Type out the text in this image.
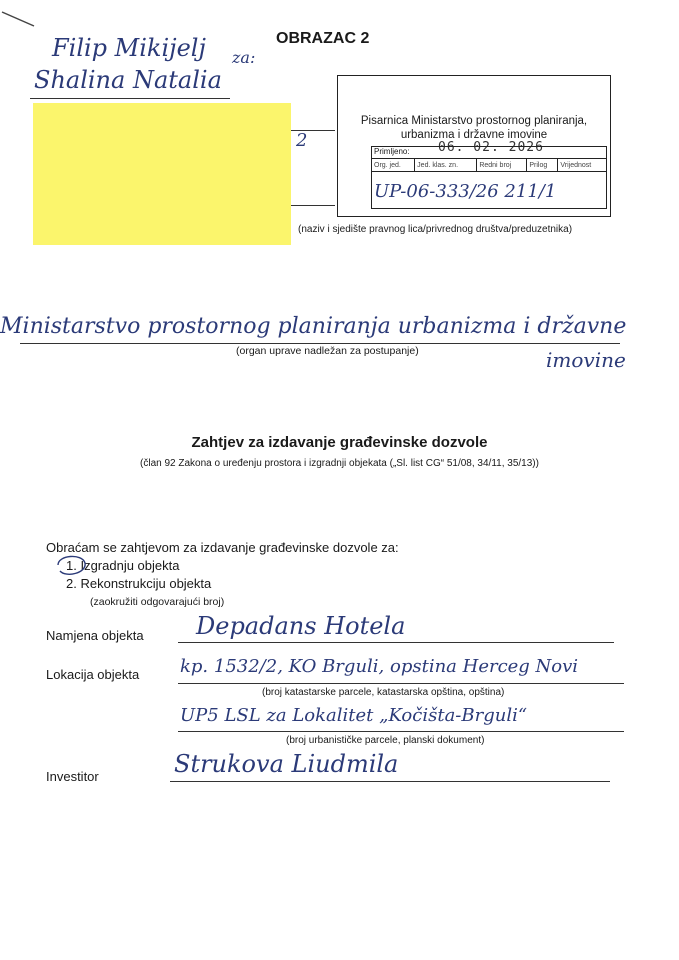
OBRAZAC 2
Filip Mikijelj za:
Shalina Natalia
2
(naziv i sjedište pravnog lica/privrednog društva/preduzetnika)
Pisarnica Ministarstvo prostornog planiranja,
urbanizma i državne imovine
Primljeno: 06. 02. 2026

Org. jed.	Jed. klas. zn.	Redni broj	Prilog	Vrijednost

UP-06-333/26 211/1
Ministarstvo prostornog planiranja urbanizma i državne
(organ uprave nadležan za postupanje)	imovine
Zahtjev za izdavanje građevinske dozvole
(član 92 Zakona o uređenju prostora i izgradnji objekata („Sl. list CG“ 51/08, 34/11, 35/13))
Obraćam se zahtjevom za izdavanje građevinske dozvole za:
1. Izgradnju objekta
2. Rekonstrukciju objekta
(zaokružiti odgovarajući broj)
Namjena objekta Depadans Hotela
Lokacija objekta kp. 1532/2, KO Brguli, opstina Herceg Novi
(broj katastarske parcele, katastarska opština, opština)
UP5 LSL za Lokalitet „Kočišta-Brguli“
(broj urbanističke parcele, planski dokument)
Investitor	Strukova Liudmila
